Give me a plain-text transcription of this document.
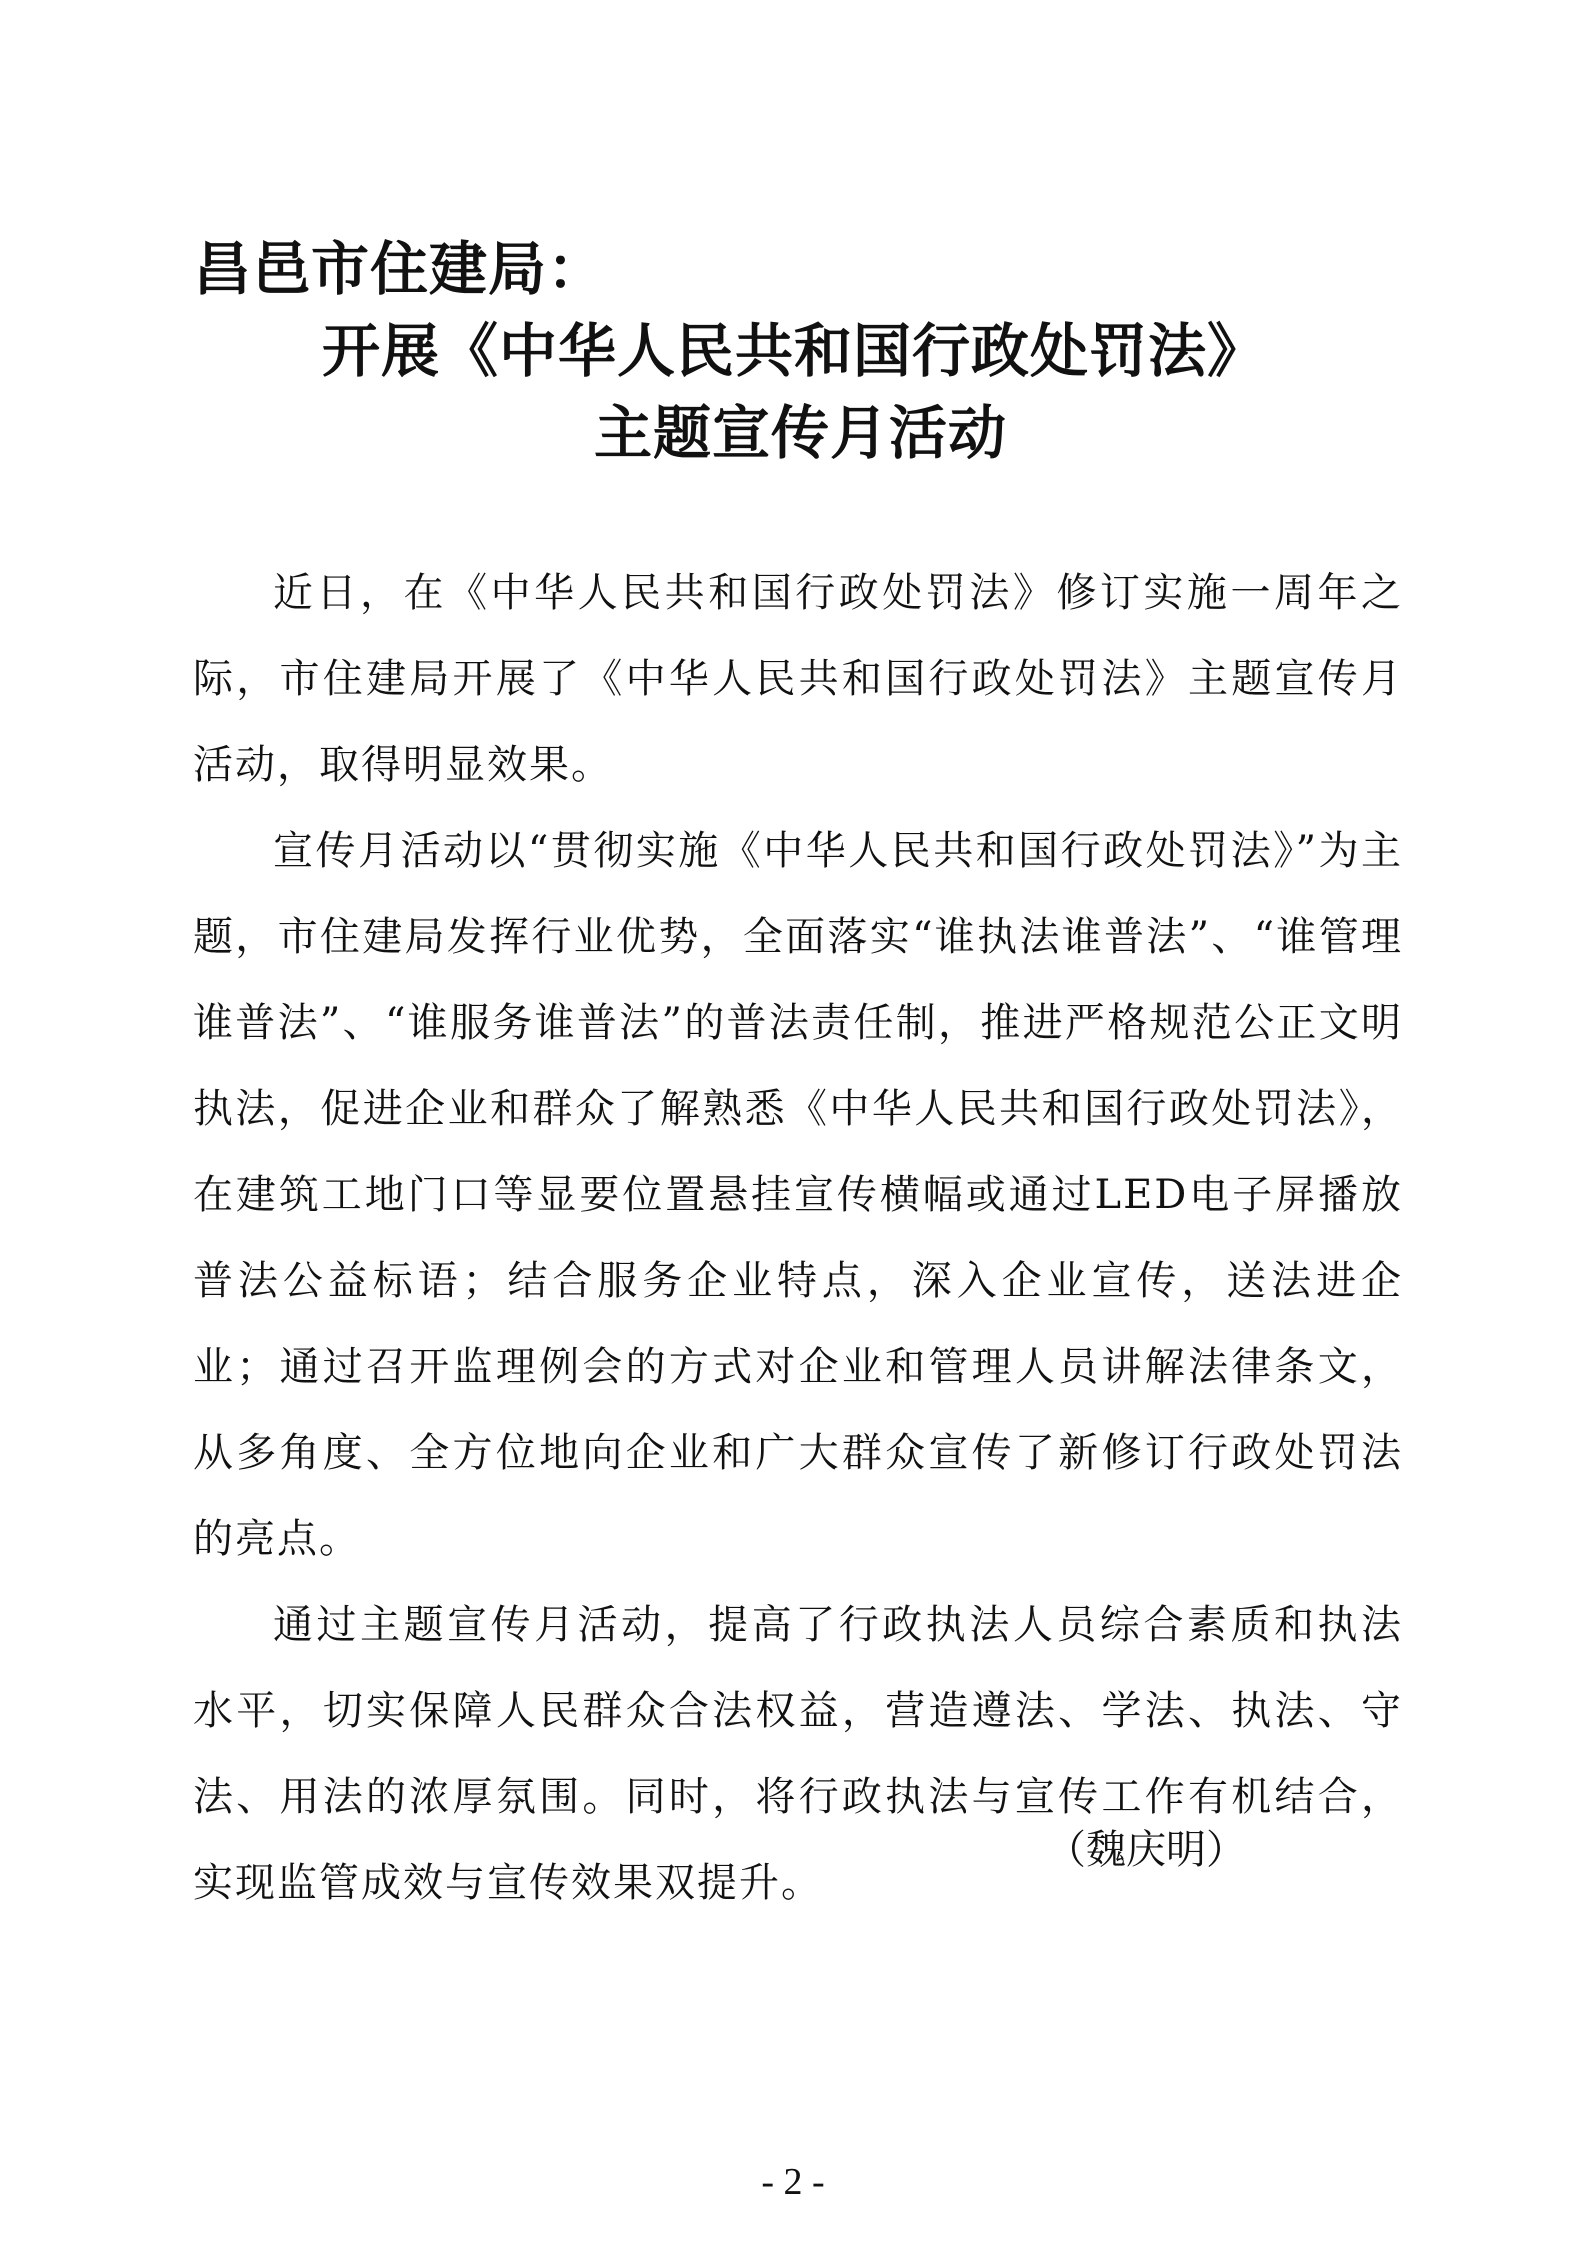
昌邑市住建局：
开展《中华人民共和国行政处罚法》
主题宣传月活动

近日，在《中华人民共和国行政处罚法》修订实施一周年之际，市住建局开展了《中华人民共和国行政处罚法》主题宣传月活动，取得明显效果。

宣传月活动以“贯彻实施《中华人民共和国行政处罚法》”为主题，市住建局发挥行业优势，全面落实“谁执法谁普法”、“谁管理谁普法”、“谁服务谁普法”的普法责任制，推进严格规范公正文明执法，促进企业和群众了解熟悉《中华人民共和国行政处罚法》，在建筑工地门口等显要位置悬挂宣传横幅或通过LED电子屏播放普法公益标语；结合服务企业特点，深入企业宣传，送法进企业；通过召开监理例会的方式对企业和管理人员讲解法律条文，从多角度、全方位地向企业和广大群众宣传了新修订行政处罚法的亮点。

通过主题宣传月活动，提高了行政执法人员综合素质和执法水平，切实保障人民群众合法权益，营造遵法、学法、执法、守法、用法的浓厚氛围。同时，将行政执法与宣传工作有机结合，实现监管成效与宣传效果双提升。

（魏庆明）
- 2 -
